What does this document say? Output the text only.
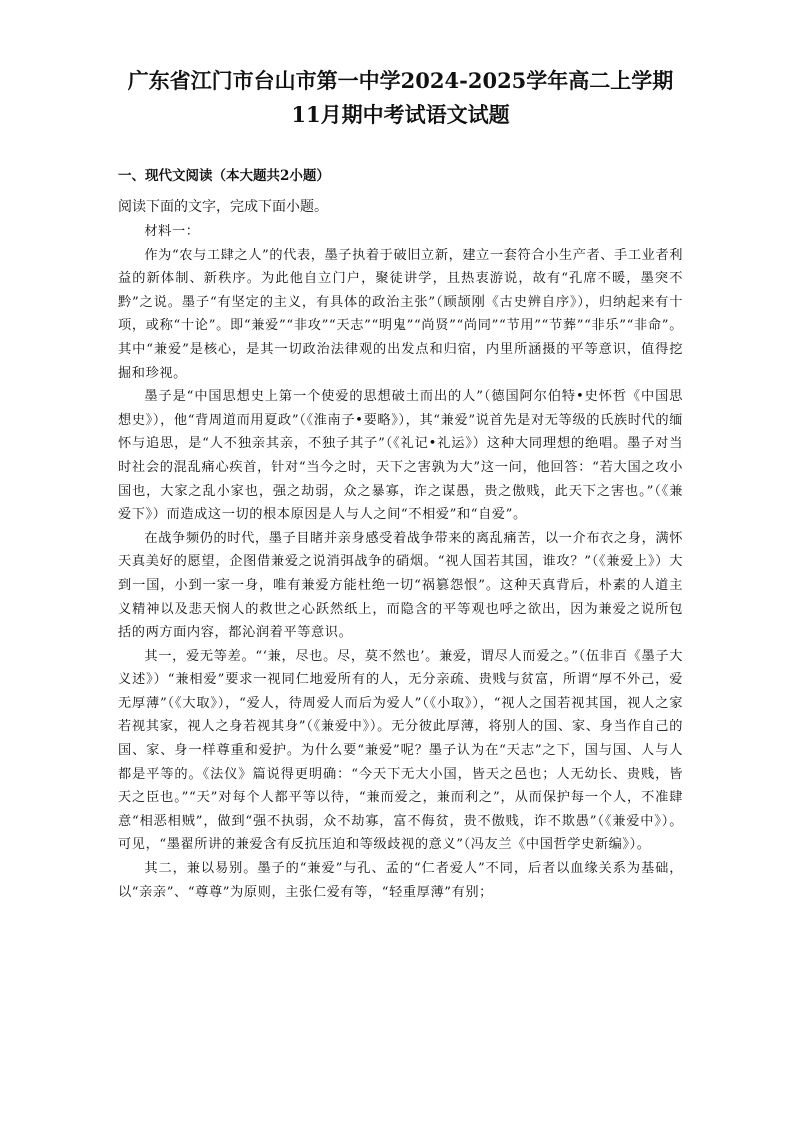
广东省江门市台山市第一中学2024-2025学年高二上学期
11月期中考试语文试题
一、现代文阅读（本大题共2小题）
阅读下面的文字，完成下面小题。

材料一：

作为“农与工肆之人”的代表，墨子执着于破旧立新，建立一套符合小生产者、手工业者利益的新体制、新秩序。为此他自立门户，聚徒讲学，且热衷游说，故有“孔席不暖，墨突不黔”之说。墨子“有坚定的主义，有具体的政治主张”（顾颉刚《古史辨自序》），归纳起来有十项，或称“十论”。即“兼爱”“非攻”“天志”“明鬼”“尚贤”“尚同”“节用”“节葬”“非乐”“非命”。其中“兼爱”是核心，是其一切政治法律观的出发点和归宿，内里所涵摄的平等意识，值得挖掘和珍视。

墨子是“中国思想史上第一个使爱的思想破土而出的人”（德国阿尔伯特•史怀哲《中国思想史》），他“背周道而用夏政”（《淮南子•要略》），其“兼爱”说首先是对无等级的氏族时代的缅怀与追思，是“人不独亲其亲，不独子其子”（《礼记•礼运》）这种大同理想的绝唱。墨子对当时社会的混乱痛心疾首，针对“当今之时，天下之害孰为大”这一问，他回答：“若大国之攻小国也，大家之乱小家也，强之劫弱，众之暴寡，诈之谋愚，贵之傲贱，此天下之害也。”（《兼爱下》）而造成这一切的根本原因是人与人之间“不相爱”和“自爱”。

在战争频仍的时代，墨子目睹并亲身感受着战争带来的离乱痛苦，以一介布衣之身，满怀天真美好的愿望，企图借兼爱之说消弭战争的硝烟。“视人国若其国，谁攻？”（《兼爱上》）大到一国，小到一家一身，唯有兼爱方能杜绝一切“祸篡怨恨”。这种天真背后，朴素的人道主义精神以及悲天悯人的救世之心跃然纸上，而隐含的平等观也呼之欲出，因为兼爱之说所包括的两方面内容，都沁润着平等意识。

其一，爱无等差。“‘兼，尽也。尽，莫不然也’。兼爱，谓尽人而爱之。”（伍非百《墨子大义述》）“兼相爱”要求一视同仁地爱所有的人，无分亲疏、贵贱与贫富，所谓“厚不外己，爱无厚薄”（《大取》），“爱人，待周爱人而后为爱人”（《小取》），“视人之国若视其国，视人之家若视其家，视人之身若视其身”（《兼爱中》）。无分彼此厚薄，将别人的国、家、身当作自己的国、家、身一样尊重和爱护。为什么要“兼爱”呢？墨子认为在“天志”之下，国与国、人与人都是平等的。《法仪》篇说得更明确：“今天下无大小国，皆天之邑也；人无幼长、贵贱，皆天之臣也。”“天”对每个人都平等以待，“兼而爱之，兼而利之”，从而保护每一个人，不准肆意“相恶相贼”，做到“强不执弱，众不劫寡，富不侮贫，贵不傲贱，诈不欺愚”（《兼爱中》）。可见，“墨翟所讲的兼爱含有反抗压迫和等级歧视的意义”（冯友兰《中国哲学史新编》）。

其二，兼以易别。墨子的“兼爱”与孔、孟的“仁者爱人”不同，后者以血缘关系为基础，以“亲亲”、“尊尊”为原则，主张仁爱有等，“轻重厚薄”有别；
